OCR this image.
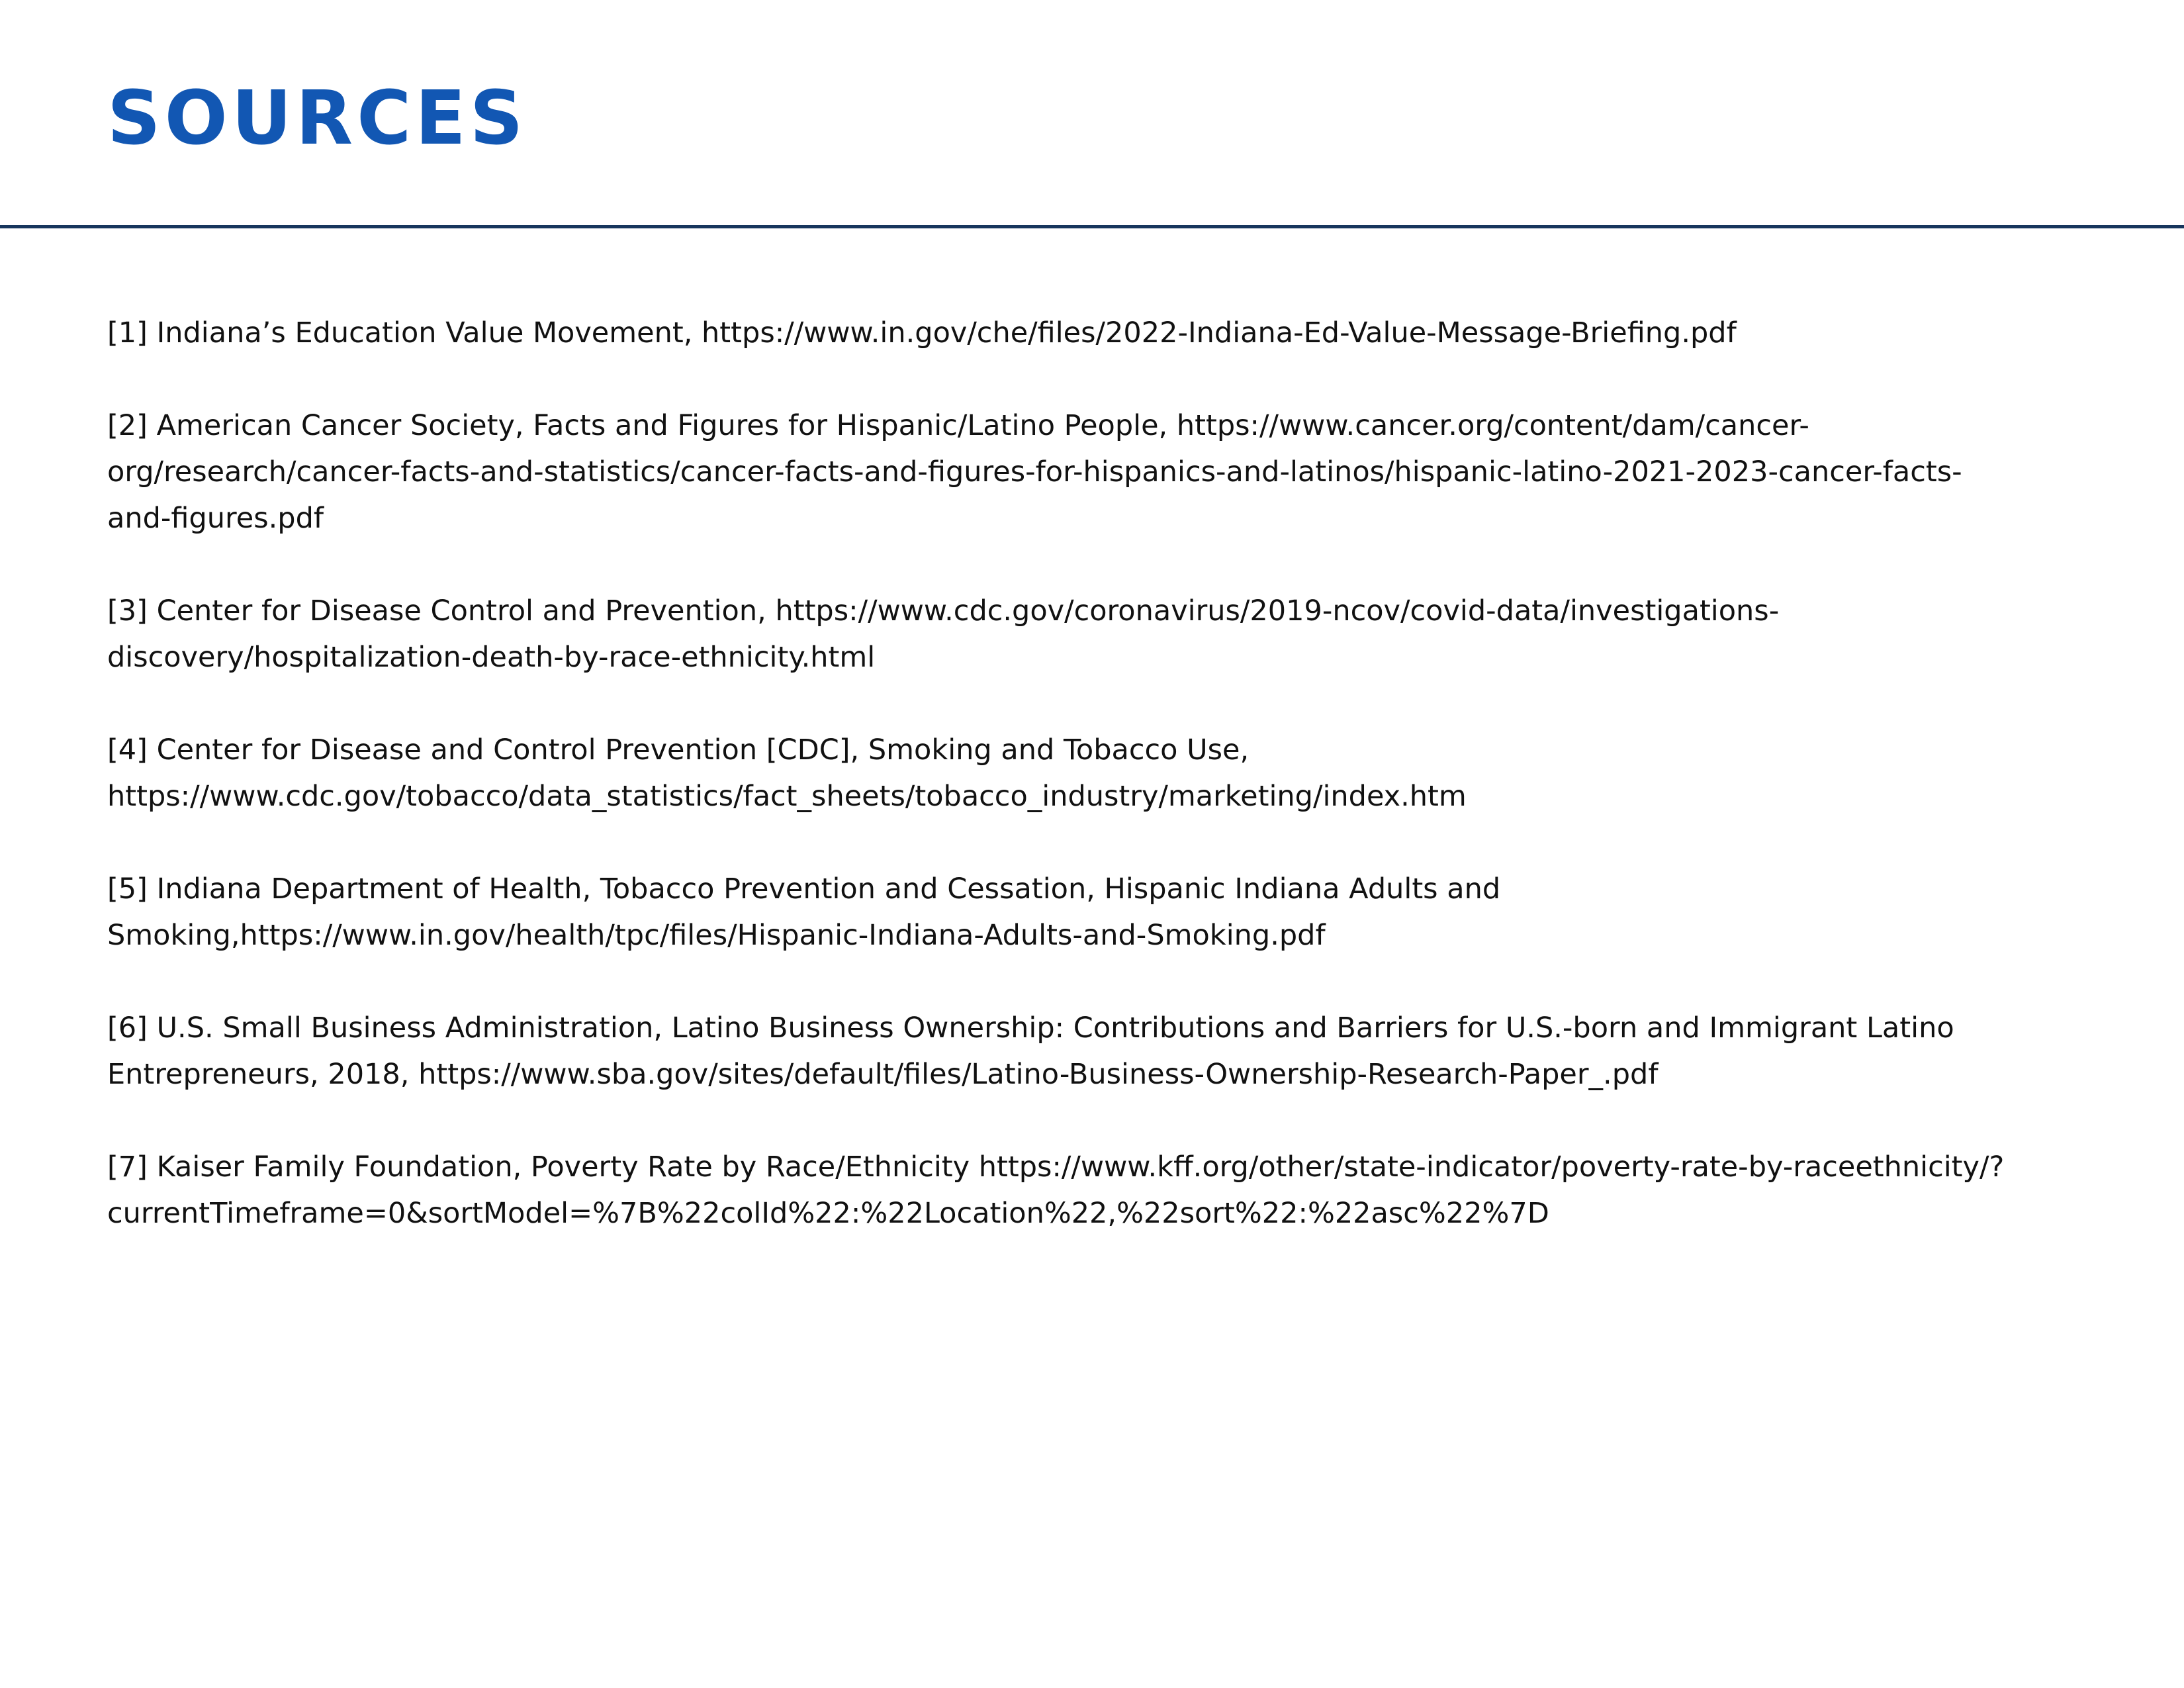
SOURCES

[1] Indiana’s Education Value Movement, https://www.in.gov/che/files/2022-Indiana-Ed-Value-Message-Briefing.pdf

[2] American Cancer Society, Facts and Figures for Hispanic/Latino People, https://www.cancer.org/content/dam/cancer-
org/research/cancer-facts-and-statistics/cancer-facts-and-figures-for-hispanics-and-latinos/hispanic-latino-2021-2023-cancer-facts-
and-figures.pdf

[3] Center for Disease Control and Prevention, https://www.cdc.gov/coronavirus/2019-ncov/covid-data/investigations-
discovery/hospitalization-death-by-race-ethnicity.html

[4] Center for Disease and Control Prevention [CDC], Smoking and Tobacco Use,
https://www.cdc.gov/tobacco/data_statistics/fact_sheets/tobacco_industry/marketing/index.htm

[5] Indiana Department of Health, Tobacco Prevention and Cessation, Hispanic Indiana Adults and
Smoking,https://www.in.gov/health/tpc/files/Hispanic-Indiana-Adults-and-Smoking.pdf

[6] U.S. Small Business Administration, Latino Business Ownership: Contributions and Barriers for U.S.-born and Immigrant Latino
Entrepreneurs, 2018, https://www.sba.gov/sites/default/files/Latino-Business-Ownership-Research-Paper_.pdf

[7] Kaiser Family Foundation, Poverty Rate by Race/Ethnicity https://www.kff.org/other/state-indicator/poverty-rate-by-raceethnicity/?
currentTimeframe=0&sortModel=%7B%22colId%22:%22Location%22,%22sort%22:%22asc%22%7D
